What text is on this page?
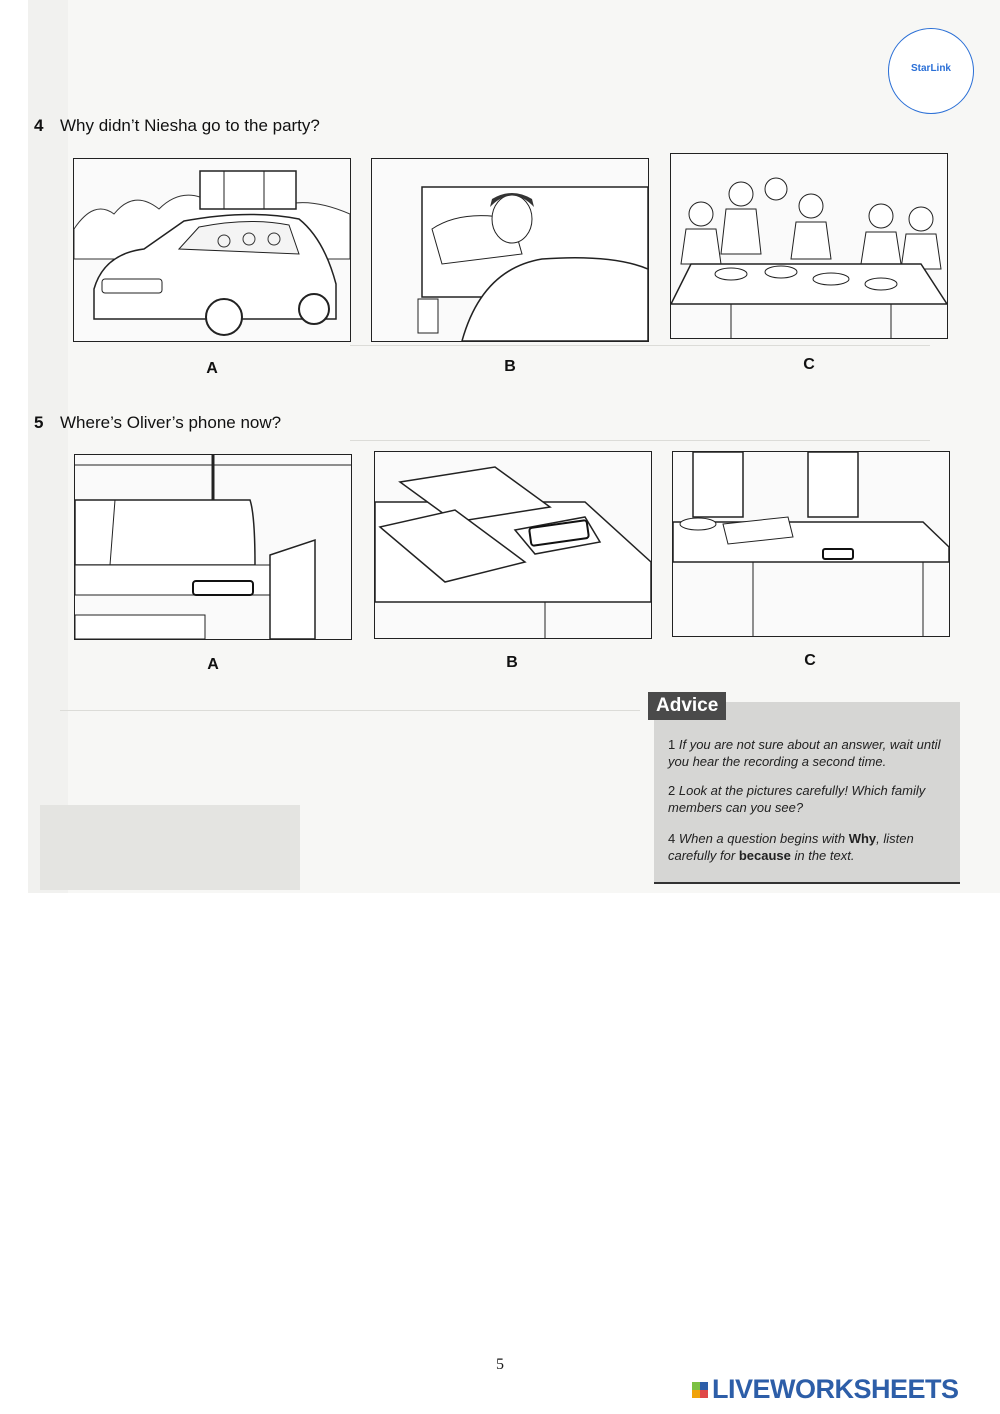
StarLink
4 Why didn’t Niesha go to the party?
A	B	C
5 Where’s Oliver’s phone now?
A	B	C

1 If you are not sure about an answer, wait until you hear the recording a second time.

2 Look at the pictures carefully! Which family members can you see?

4 When a question begins with Why, listen carefully for because in the text.

Advice
5
LIVEWORKSHEETS
